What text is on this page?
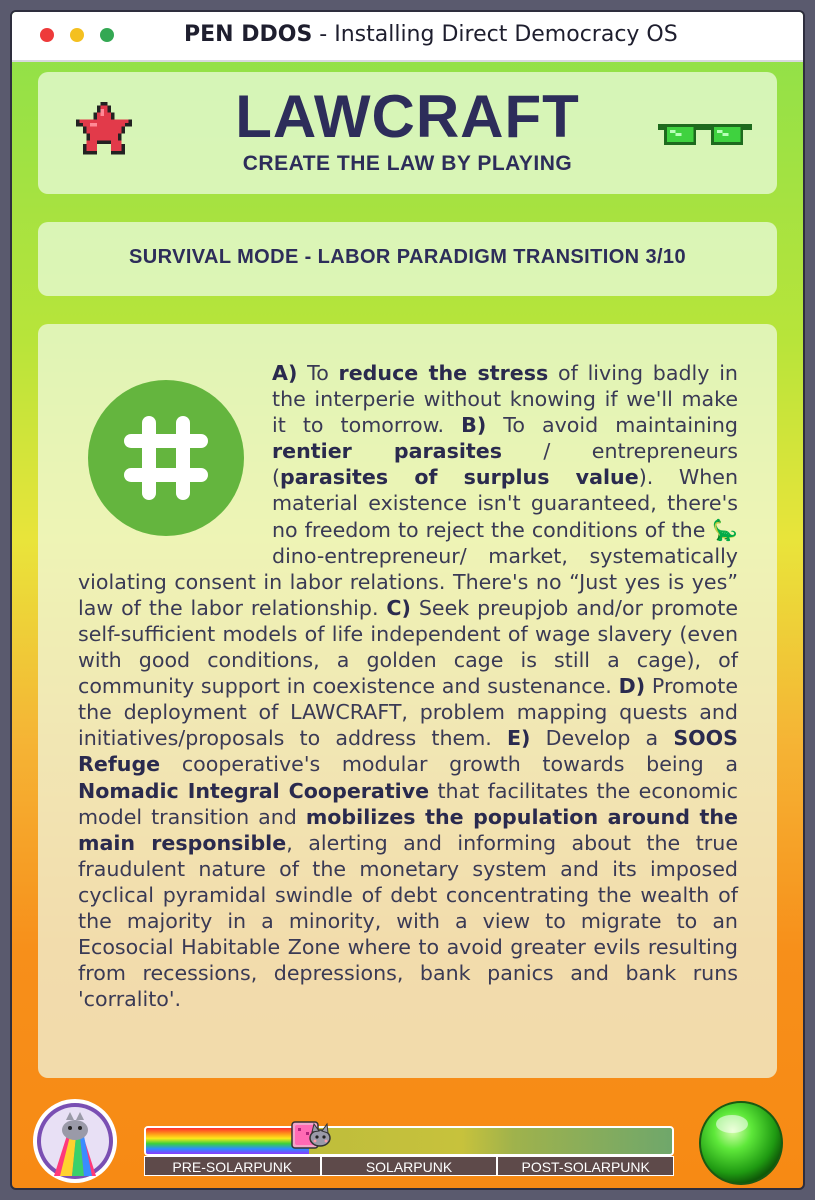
PEN DDOS - Installing Direct Democracy OS
LAWCRAFT
CREATE THE LAW BY PLAYING
SURVIVAL MODE - LABOR PARADIGM TRANSITION 3/10
A) To reduce the stress of living badly in the interperie without knowing if we'll make it to tomorrow. B) To avoid maintaining rentier parasites / entrepreneurs (parasites of surplus value). When material existence isn't guaranteed, there's no freedom to reject the conditions of the 🦕 dino-entrepreneur/ market, systematically violating consent in labor relations. There's no “Just yes is yes” law of the labor relationship. C) Seek preupjob and/or promote self-sufficient models of life independent of wage slavery (even with good conditions, a golden cage is still a cage), of community support in coexistence and sustenance. D) Promote the deployment of LAWCRAFT, problem mapping quests and initiatives/proposals to address them. E) Develop a SOOS Refuge cooperative's modular growth towards being a Nomadic Integral Cooperative that facilitates the economic model transition and mobilizes the population around the main responsible, alerting and informing about the true fraudulent nature of the monetary system and its imposed cyclical pyramidal swindle of debt concentrating the wealth of the majority in a minority, with a view to migrate to an Ecosocial Habitable Zone where to avoid greater evils resulting from recessions, depressions, bank panics and bank runs 'corralito'.
PRE-SOLARPUNK	SOLARPUNK	POST-SOLARPUNK
